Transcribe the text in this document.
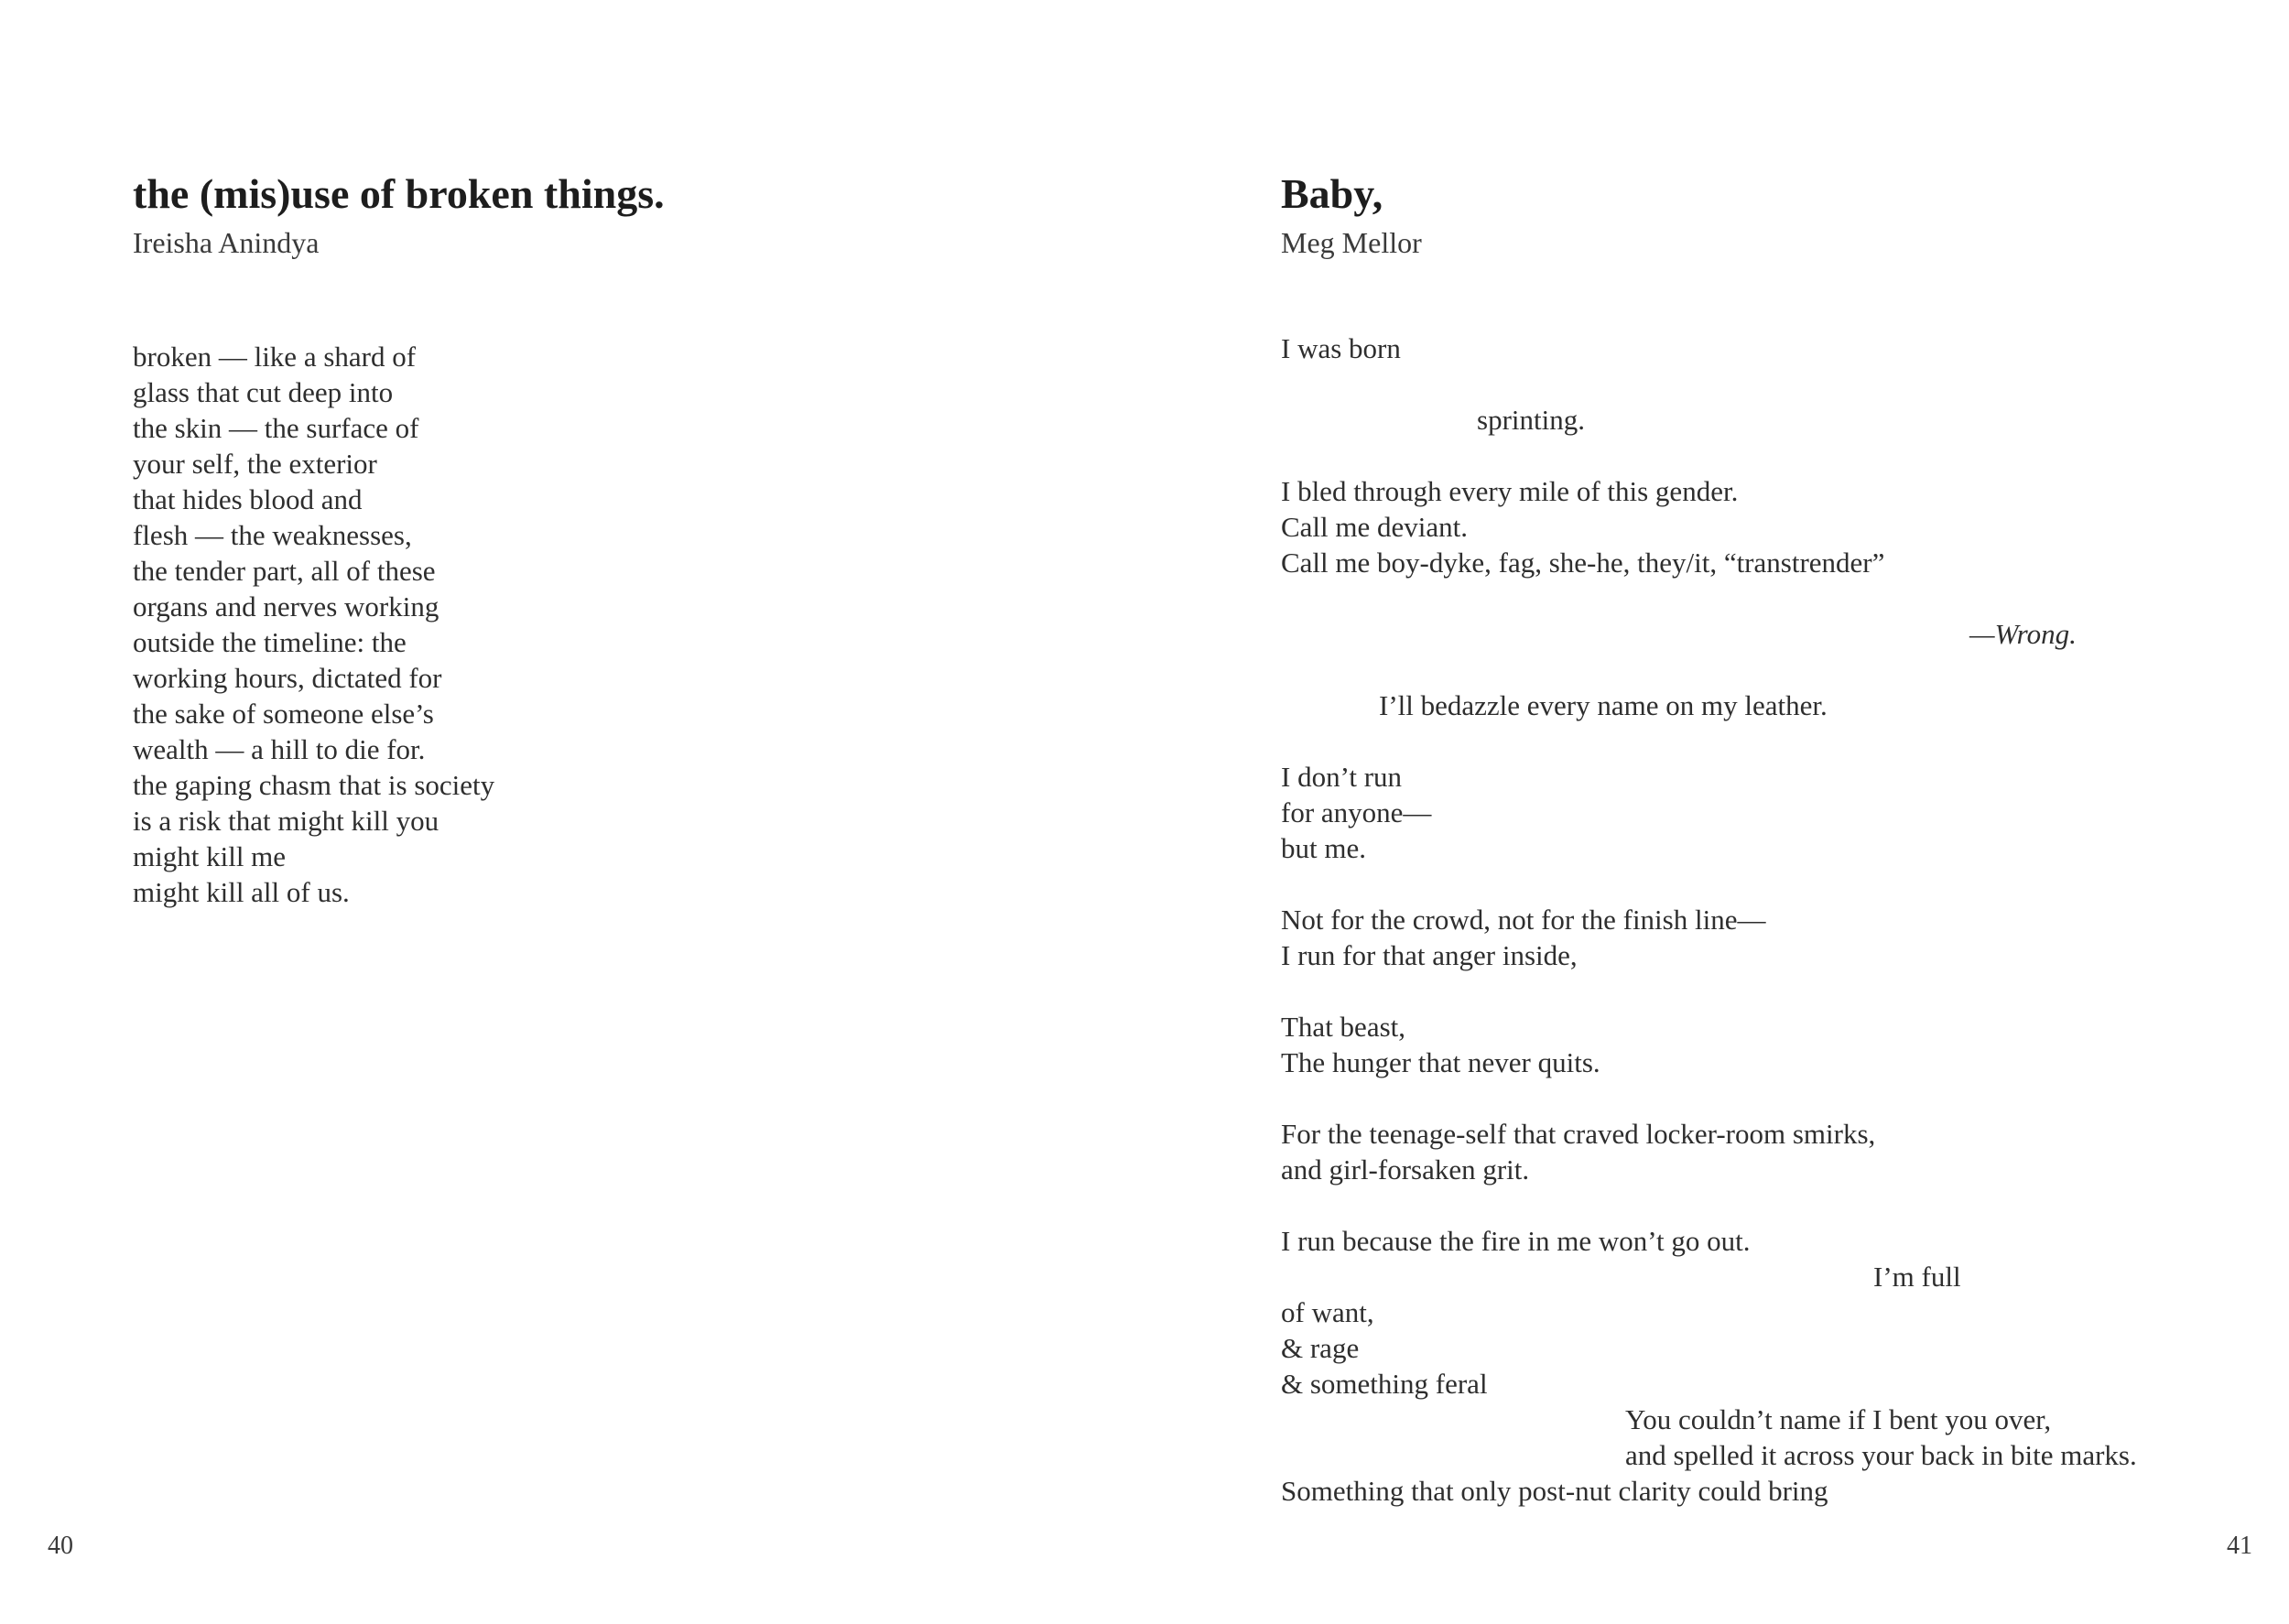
the (mis)use of broken things.
Ireisha Anindya
broken — like a shard of
glass that cut deep into
the skin — the surface of
your self, the exterior
that hides blood and
flesh — the weaknesses,
the tender part, all of these
organs and nerves working
outside the timeline: the
working hours, dictated for
the sake of someone else’s
wealth — a hill to die for.
the gaping chasm that is society
is a risk that might kill you
might kill me
might kill all of us.
40
Baby,
Meg Mellor
I was born
sprinting.
I bled through every mile of this gender.
Call me deviant.
Call me boy-dyke, fag, she-he, they/it, “transtrender”
—Wrong.
I’ll bedazzle every name on my leather.
I don’t run
for anyone—
but me.
Not for the crowd, not for the finish line—
I run for that anger inside,
That beast,
The hunger that never quits.
For the teenage-self that craved locker-room smirks,
and girl-forsaken grit.
I run because the fire in me won’t go out.
I’m full
of want,
& rage
& something feral
You couldn’t name if I bent you over,
and spelled it across your back in bite marks.
Something that only post-nut clarity could bring
41
